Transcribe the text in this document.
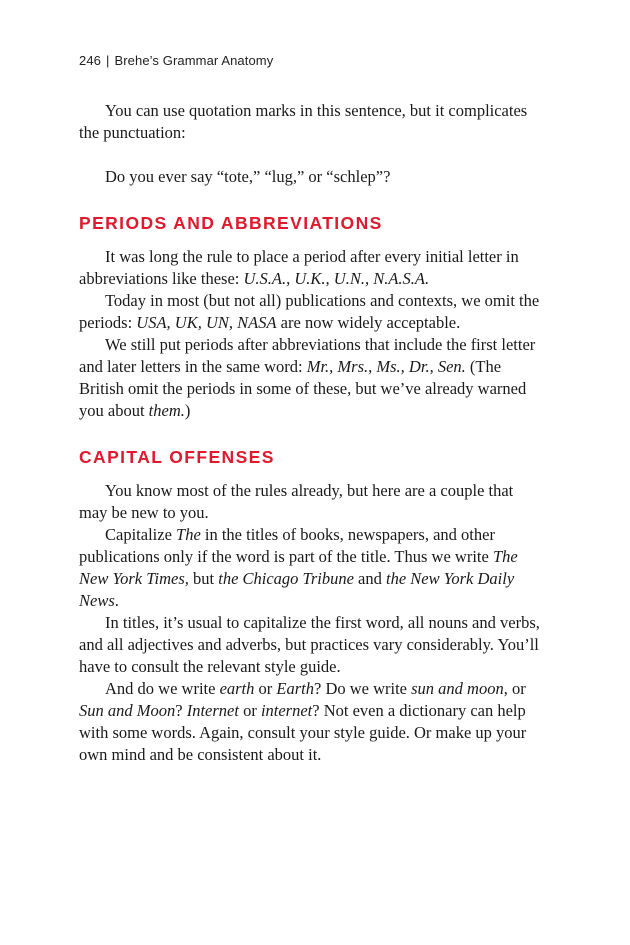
246 | Brehe’s Grammar Anatomy

You can use quotation marks in this sentence, but it complicates the punctuation:

Do you ever say “tote,” “lug,” or “schlep”?

PERIODS AND ABBREVIATIONS

It was long the rule to place a period after every initial letter in abbreviations like these: U.S.A., U.K., U.N., N.A.S.A.

Today in most (but not all) publications and contexts, we omit the periods: USA, UK, UN, NASA are now widely acceptable.

We still put periods after abbreviations that include the first letter and later letters in the same word: Mr., Mrs., Ms., Dr., Sen. (The British omit the periods in some of these, but we’ve already warned you about them.)

CAPITAL OFFENSES

You know most of the rules already, but here are a couple that may be new to you.

Capitalize The in the titles of books, newspapers, and other publications only if the word is part of the title. Thus we write The New York Times, but the Chicago Tribune and the New York Daily News.

In titles, it’s usual to capitalize the first word, all nouns and verbs, and all adjectives and adverbs, but practices vary considerably. You’ll have to consult the relevant style guide.

And do we write earth or Earth? Do we write sun and moon, or Sun and Moon? Internet or internet? Not even a dictionary can help with some words. Again, consult your style guide. Or make up your own mind and be consistent about it.
